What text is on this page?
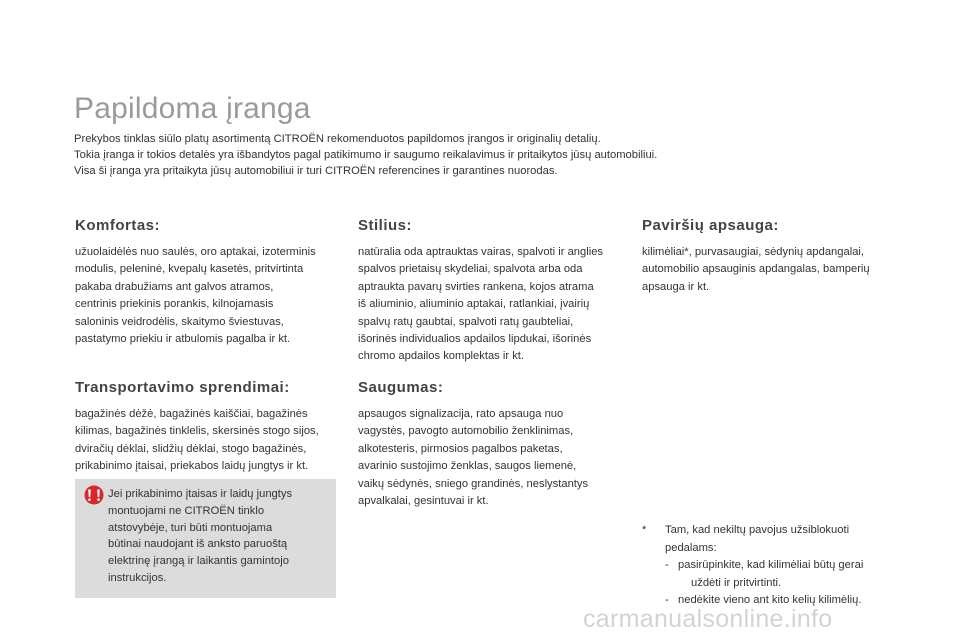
Papildoma įranga
Prekybos tinklas siūlo platų asortimentą CITROËN rekomenduotos papildomos įrangos ir originalių detalių.
Tokia įranga ir tokios detalės yra išbandytos pagal patikimumo ir saugumo reikalavimus ir pritaikytos jūsų automobiliui.
Visa ši įranga yra pritaikyta jūsų automobiliui ir turi CITROËN referencines ir garantines nuorodas.
Komfortas:

užuolaidėlės nuo saulės, oro aptakai, izoterminis
modulis, peleninė, kvepalų kasetės, pritvirtinta
pakaba drabužiams ant galvos atramos,
centrinis priekinis porankis, kilnojamasis
saloninis veidrodėlis, skaitymo šviestuvas,
pastatymo priekiu ir atbulomis pagalba ir kt.

Transportavimo sprendimai:

bagažinės dėžė, bagažinės kaiščiai, bagažinės
kilimas, bagažinės tinklelis, skersinės stogo sijos,
dviračių dėklai, slidžių dėklai, stogo bagažinės,
prikabinimo įtaisai, priekabos laidų jungtys ir kt.

Stilius:

natūralia oda aptrauktas vairas, spalvoti ir anglies
spalvos prietaisų skydeliai, spalvota arba oda
aptraukta pavarų svirties rankena, kojos atrama
iš aliuminio, aliuminio aptakai, ratlankiai, įvairių
spalvų ratų gaubtai, spalvoti ratų gaubteliai,
išorinės individualios apdailos lipdukai, išorinės
chromo apdailos komplektas ir kt.

Saugumas:

apsaugos signalizacija, rato apsauga nuo
vagystės, pavogto automobilio ženklinimas,
alkotesteris, pirmosios pagalbos paketas,
avarinio sustojimo ženklas, saugos liemenė,
vaikų sėdynės, sniego grandinės, neslystantys
apvalkalai, gesintuvai ir kt.

Paviršių apsauga:

kilimėliai*, purvasaugiai, sėdynių apdangalai,
automobilio apsauginis apdangalas, bamperių
apsauga ir kt.

Jei prikabinimo įtaisas ir laidų jungtys
montuojami ne CITROËN tinklo
atstovybėje, turi būti montuojama
būtinai naudojant iš anksto paruoštą
elektrinę įrangą ir laikantis gamintojo
instrukcijos.
* Tam, kad nekiltų pavojus užsiblokuoti
pedalams:
- pasirūpinkite, kad kilimėliai būtų gerai
uždėti ir pritvirtinti.
- nedėkite vieno ant kito kelių kilimėlių.
carmanualsonline.info
